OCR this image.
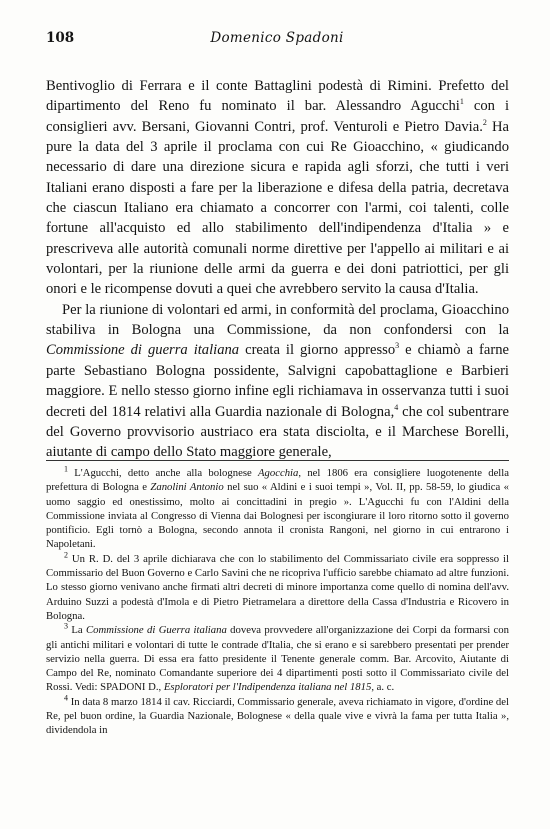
108	Domenico Spadoni

Bentivoglio di Ferrara e il conte Battaglini podestà di Rimini. Prefetto del dipartimento del Reno fu nominato il bar. Alessandro Agucchi$^1$ con i consiglieri avv. Bersani, Giovanni Contri, prof. Venturoli e Pietro Davia.$^2$ Ha pure la data del 3 aprile il proclama con cui Re Gioacchino, « giudicando necessario di dare una direzione sicura e rapida agli sforzi, che tutti i veri Italiani erano disposti a fare per la liberazione e difesa della patria, decretava che ciascun Italiano era chiamato a concorrer con l'armi, coi talenti, colle fortune all'acquisto ed allo stabilimento dell'indipendenza d'Italia » e prescriveva alle autorità comunali norme direttive per l'appello ai militari e ai volontari, per la riunione delle armi da guerra e dei doni patriottici, per gli onori e le ricompense dovuti a quei che avrebbero servito la causa d'Italia.

Per la riunione di volontari ed armi, in conformità del proclama, Gioacchino stabiliva in Bologna una Commissione, da non confondersi con la Commissione di guerra italiana creata il giorno appresso$^3$ e chiamò a farne parte Sebastiano Bologna possidente, Salvigni capobattaglione e Barbieri maggiore. E nello stesso giorno infine egli richiamava in osservanza tutti i suoi decreti del 1814 relativi alla Guardia nazionale di Bologna,$^4$ che col subentrare del Governo provvisorio austriaco era stata disciolta, e il Marchese Borelli, aiutante di campo dello Stato maggiore generale,

$^1$ L'Agucchi, detto anche alla bolognese Agocchia, nel 1806 era consigliere luogotenente della prefettura di Bologna e Zanolini Antonio nel suo « Aldini e i suoi tempi », Vol. II, pp. 58-59, lo giudica « uomo saggio ed onestissimo, molto ai concittadini in pregio ». L'Agucchi fu con l'Aldini della Commissione inviata al Congresso di Vienna dai Bolognesi per iscongiurare il loro ritorno sotto il governo pontificio. Egli tornò a Bologna, secondo annota il cronista Rangoni, nel giorno in cui entrarono i Napoletani.

$^2$ Un R. D. del 3 aprile dichiarava che con lo stabilimento del Commissariato civile era soppresso il Commissario del Buon Governo e Carlo Savini che ne ricopriva l'ufficio sarebbe chiamato ad altre funzioni. Lo stesso giorno venivano anche firmati altri decreti di minore importanza come quello di nomina dell'avv. Arduino Suzzi a podestà d'Imola e di Pietro Pietramelara a direttore della Cassa d'Industria e Ricovero in Bologna.

$^3$ La Commissione di Guerra italiana doveva provvedere all'organizzazione dei Corpi da formarsi con gli antichi militari e volontari di tutte le contrade d'Italia, che si erano e si sarebbero presentati per prender servizio nella guerra. Di essa era fatto presidente il Tenente generale comm. Bar. Arcovito, Aiutante di Campo del Re, nominato Comandante superiore dei 4 dipartimenti posti sotto il Commissariato civile del Rossi. Vedi: SPADONI D., Esploratori per l'Indipendenza italiana nel 1815, a. c.

$^4$ In data 8 marzo 1814 il cav. Ricciardi, Commissario generale, aveva richiamato in vigore, d'ordine del Re, pel buon ordine, la Guardia Nazionale, Bolognese « della quale vive e vivrà la fama per tutta Italia », dividendola in
